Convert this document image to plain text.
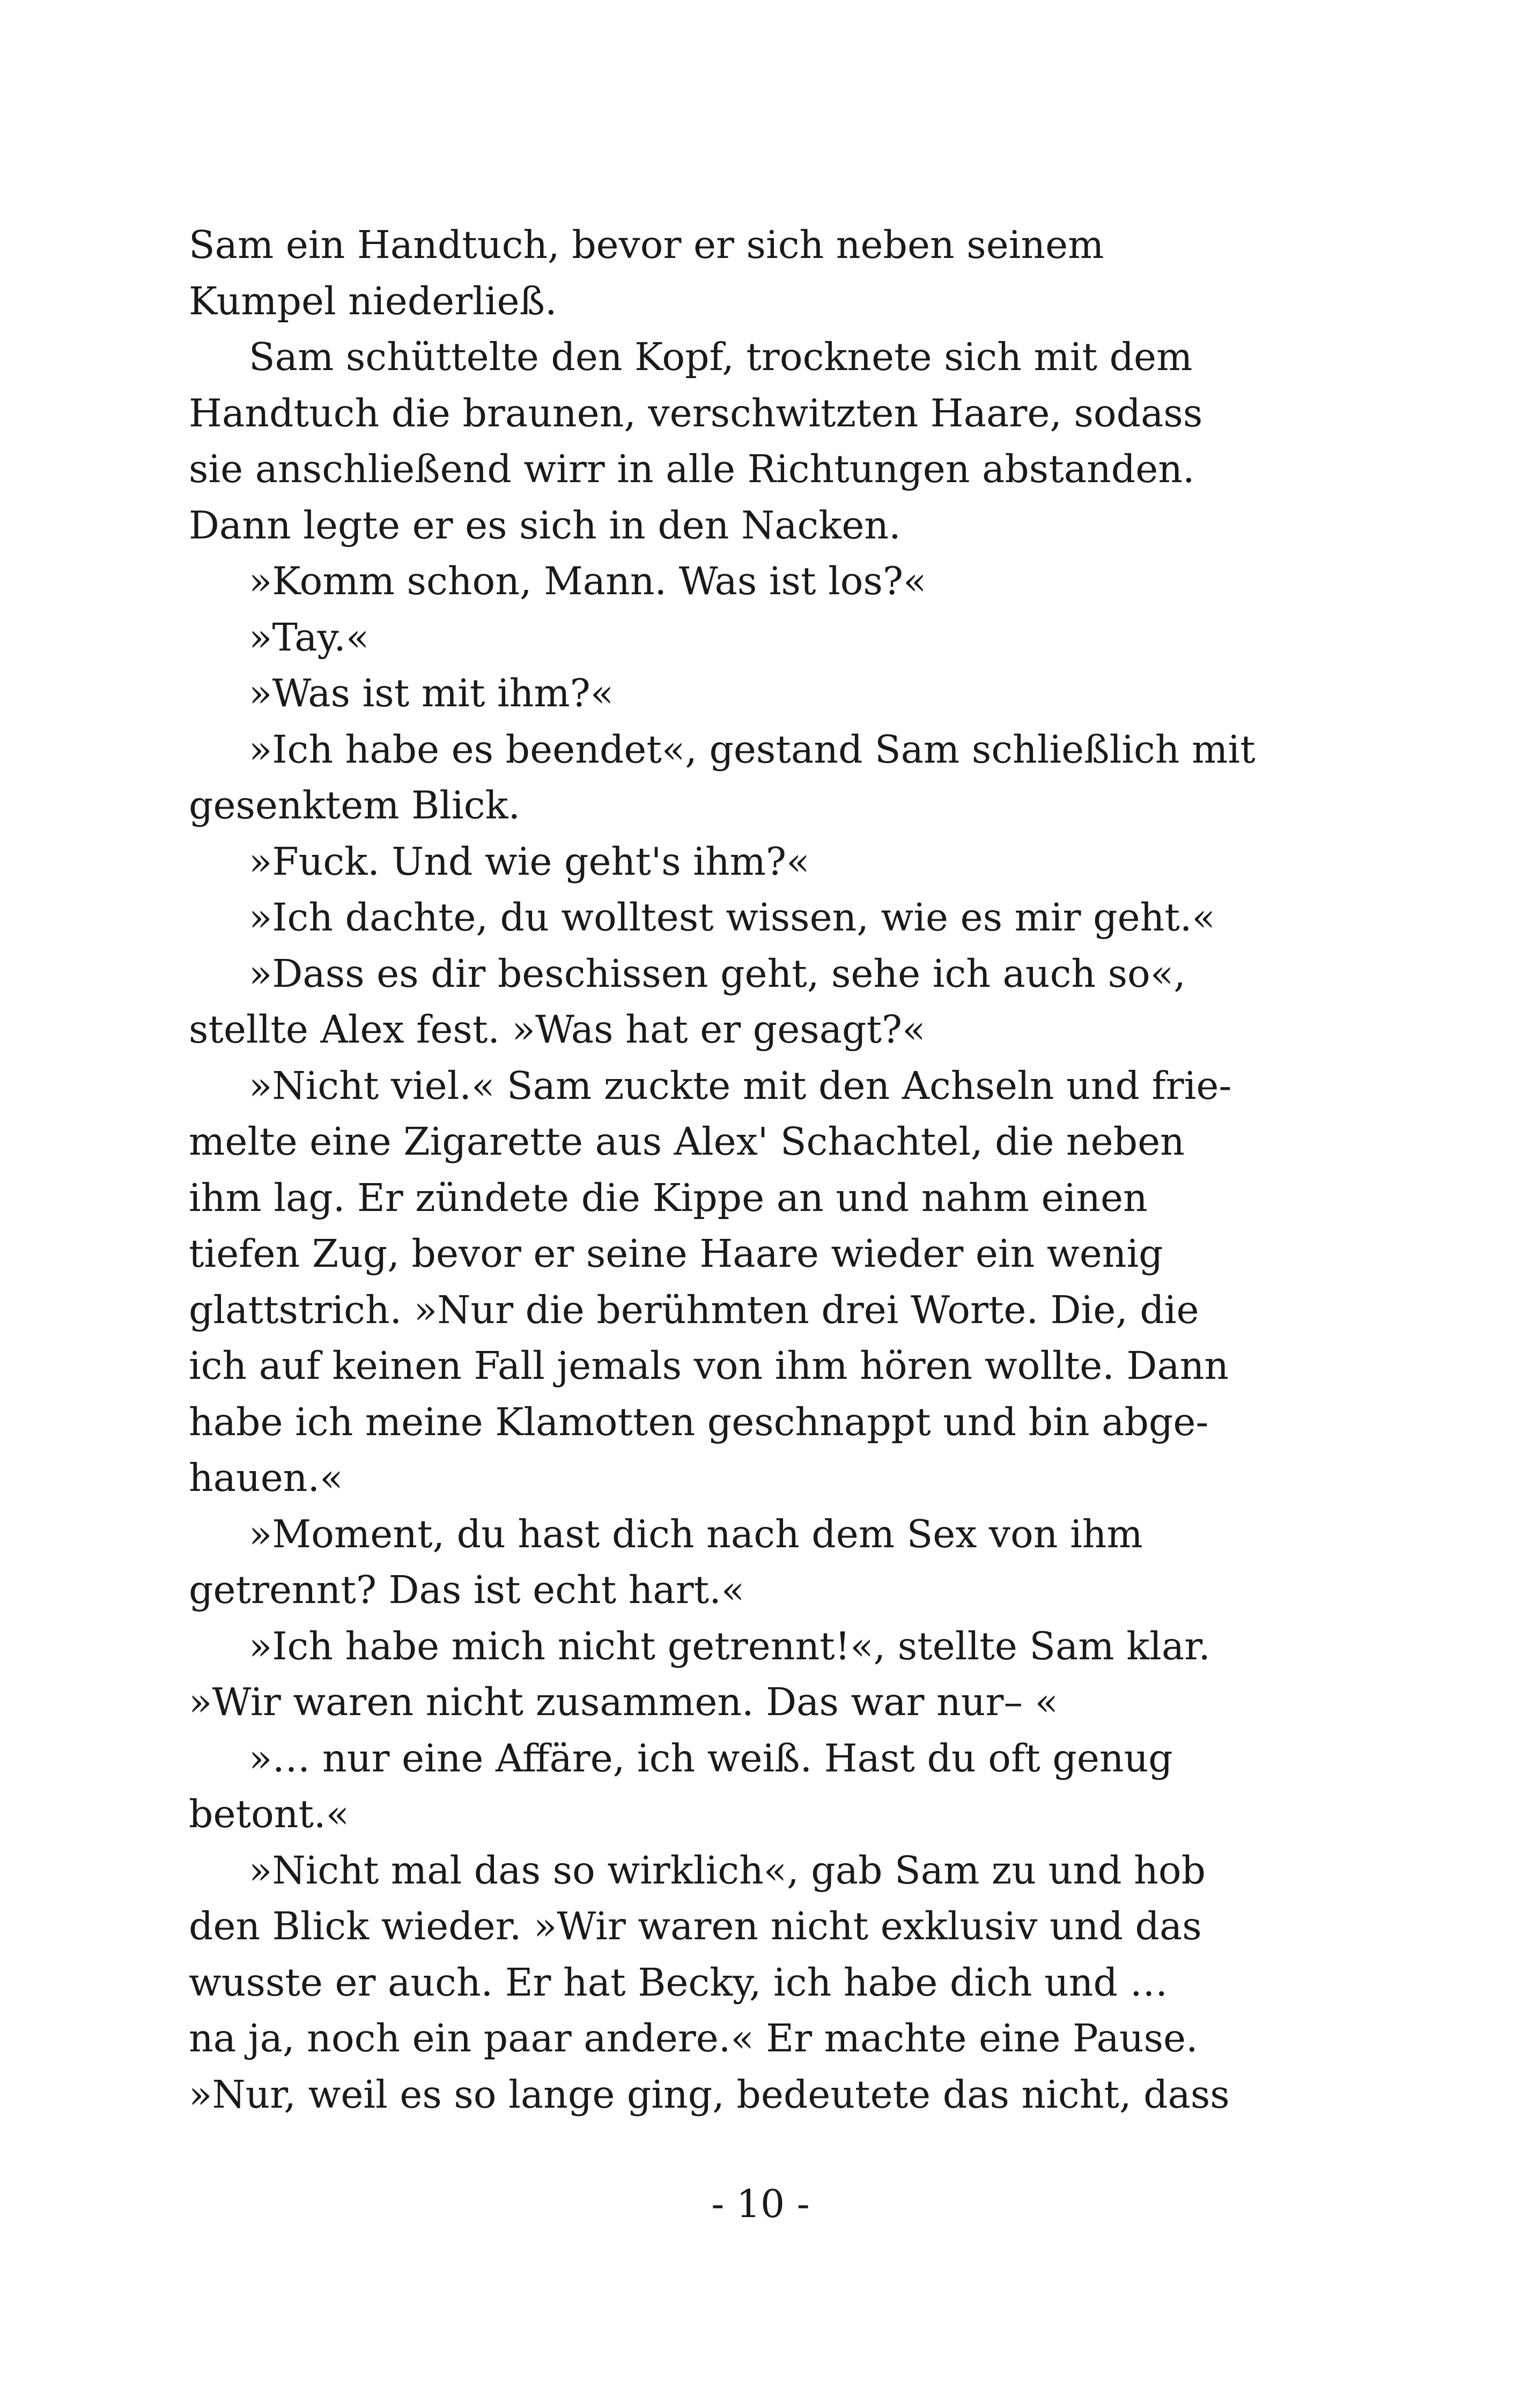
Sam ein Handtuch, bevor er sich neben seinem
Kumpel niederließ.
Sam schüttelte den Kopf, trocknete sich mit dem
Handtuch die braunen, verschwitzten Haare, sodass
sie anschließend wirr in alle Richtungen abstanden.
Dann legte er es sich in den Nacken.
»Komm schon, Mann. Was ist los?«
»Tay.«
»Was ist mit ihm?«
»Ich habe es beendet«, gestand Sam schließlich mit
gesenktem Blick.
»Fuck. Und wie geht's ihm?«
»Ich dachte, du wolltest wissen, wie es mir geht.«
»Dass es dir beschissen geht, sehe ich auch so«,
stellte Alex fest. »Was hat er gesagt?«
»Nicht viel.« Sam zuckte mit den Achseln und frie-
melte eine Zigarette aus Alex' Schachtel, die neben
ihm lag. Er zündete die Kippe an und nahm einen
tiefen Zug, bevor er seine Haare wieder ein wenig
glattstrich. »Nur die berühmten drei Worte. Die, die
ich auf keinen Fall jemals von ihm hören wollte. Dann
habe ich meine Klamotten geschnappt und bin abge-
hauen.«
»Moment, du hast dich nach dem Sex von ihm
getrennt? Das ist echt hart.«
»Ich habe mich nicht getrennt!«, stellte Sam klar.
»Wir waren nicht zusammen. Das war nur– «
»… nur eine Affäre, ich weiß. Hast du oft genug
betont.«
»Nicht mal das so wirklich«, gab Sam zu und hob
den Blick wieder. »Wir waren nicht exklusiv und das
wusste er auch. Er hat Becky, ich habe dich und …
na ja, noch ein paar andere.« Er machte eine Pause.
»Nur, weil es so lange ging, bedeutete das nicht, dass
- 10 -
